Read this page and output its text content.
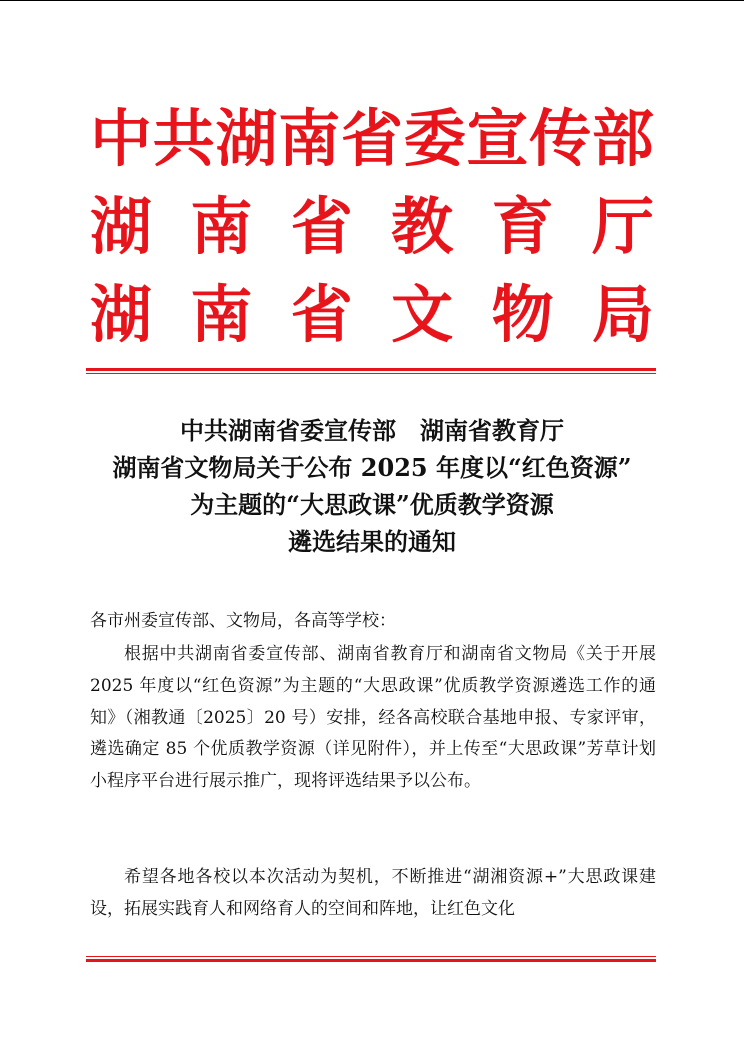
中 共 湖 南 省 委 宣 传 部
湖 南 省 教 育 厅
湖 南 省 文 物 局
中共湖南省委宣传部　湖南省教育厅
湖南省文物局关于公布 2025 年度以“红色资源”
为主题的“大思政课”优质教学资源
遴选结果的通知
各市州委宣传部、文物局，各高等学校：
根据中共湖南省委宣传部、湖南省教育厅和湖南省文物局《关于开展 2025 年度以“红色资源”为主题的“大思政课”优质教学资源遴选工作的通知》（湘教通〔2025〕20 号）安排，经各高校联合基地申报、专家评审，遴选确定 85 个优质教学资源（详见附件），并上传至“大思政课”芳草计划小程序平台进行展示推广，现将评选结果予以公布。
希望各地各校以本次活动为契机，不断推进“湖湘资源+”大思政课建设，拓展实践育人和网络育人的空间和阵地，让红色文化
